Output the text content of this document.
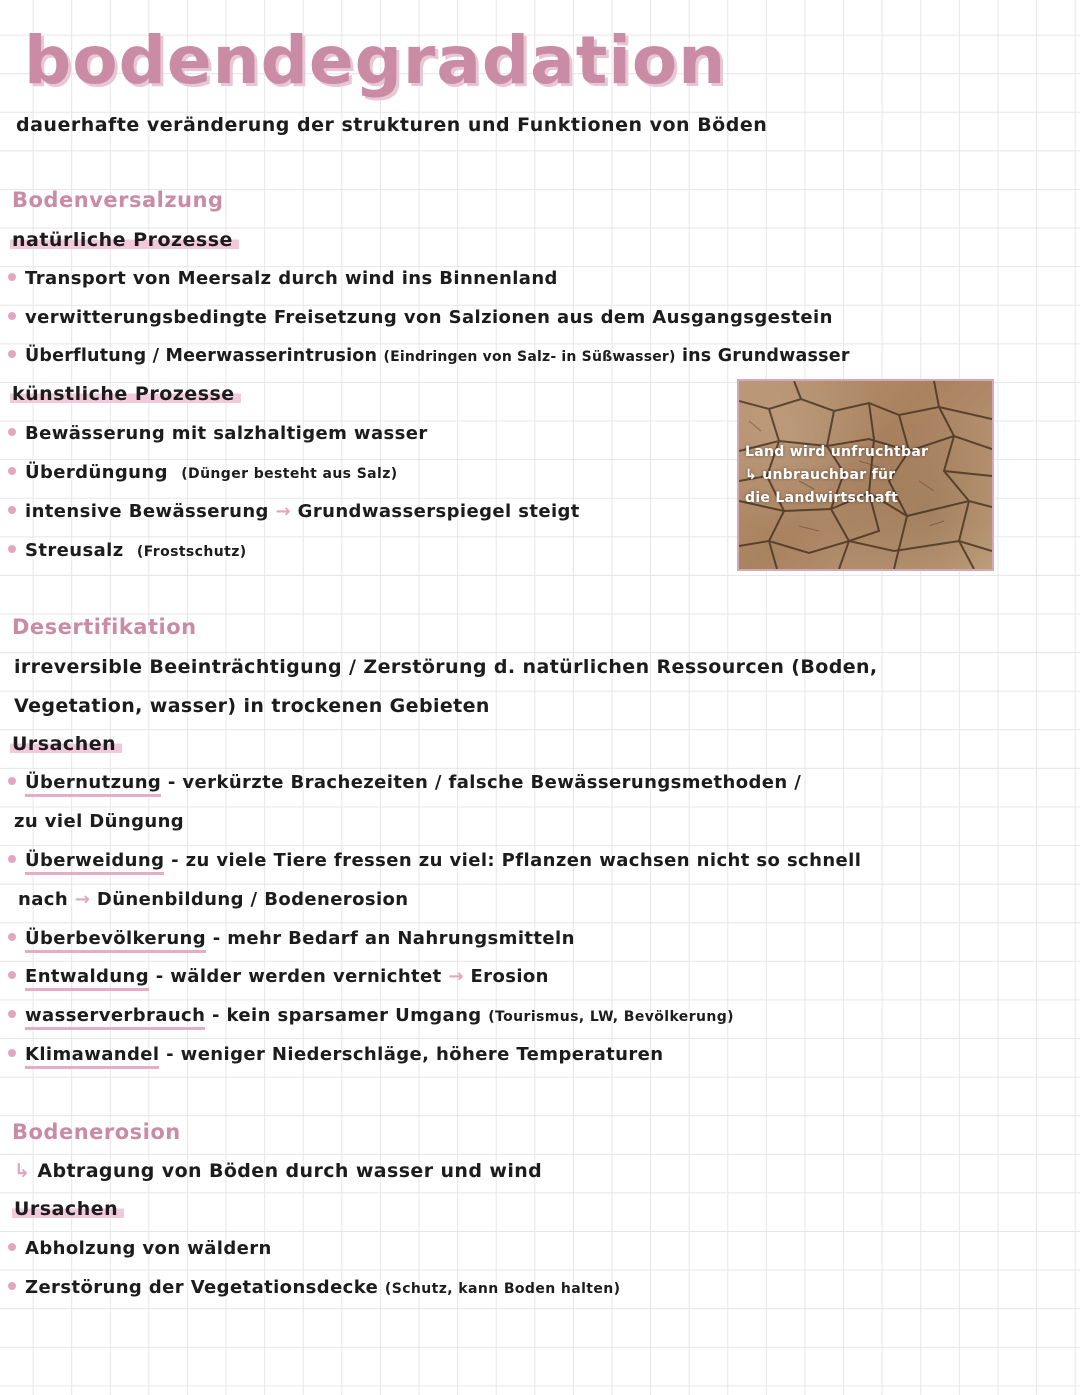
bodendegradation
dauerhafte veränderung der strukturen und Funktionen von Böden
Bodenversalzung
natürliche Prozesse
Transport von Meersalz durch wind ins Binnenland
verwitterungsbedingte Freisetzung von Salzionen aus dem Ausgangsgestein
Überflutung / Meerwasserintrusion (Eindringen von Salz- in Süßwasser) ins Grundwasser
künstliche Prozesse
Bewässerung mit salzhaltigem wasser
Überdüngung (Dünger besteht aus Salz)
intensive Bewässerung → Grundwasserspiegel steigt
Streusalz (Frostschutz)
Land wird unfruchtbar
↳ unbrauchbar für
die Landwirtschaft
Desertifikation
irreversible Beeinträchtigung / Zerstörung d. natürlichen Ressourcen (Boden,
Vegetation, wasser) in trockenen Gebieten
Ursachen
Übernutzung - verkürzte Brachezeiten / falsche Bewässerungsmethoden /
zu viel Düngung
Überweidung - zu viele Tiere fressen zu viel: Pflanzen wachsen nicht so schnell
nach → Dünenbildung / Bodenerosion
Überbevölkerung - mehr Bedarf an Nahrungsmitteln
Entwaldung - wälder werden vernichtet → Erosion
wasserverbrauch - kein sparsamer Umgang (Tourismus, LW, Bevölkerung)
Klimawandel - weniger Niederschläge, höhere Temperaturen
Bodenerosion
↳ Abtragung von Böden durch wasser und wind
Ursachen
Abholzung von wäldern
Zerstörung der Vegetationsdecke (Schutz, kann Boden halten)
